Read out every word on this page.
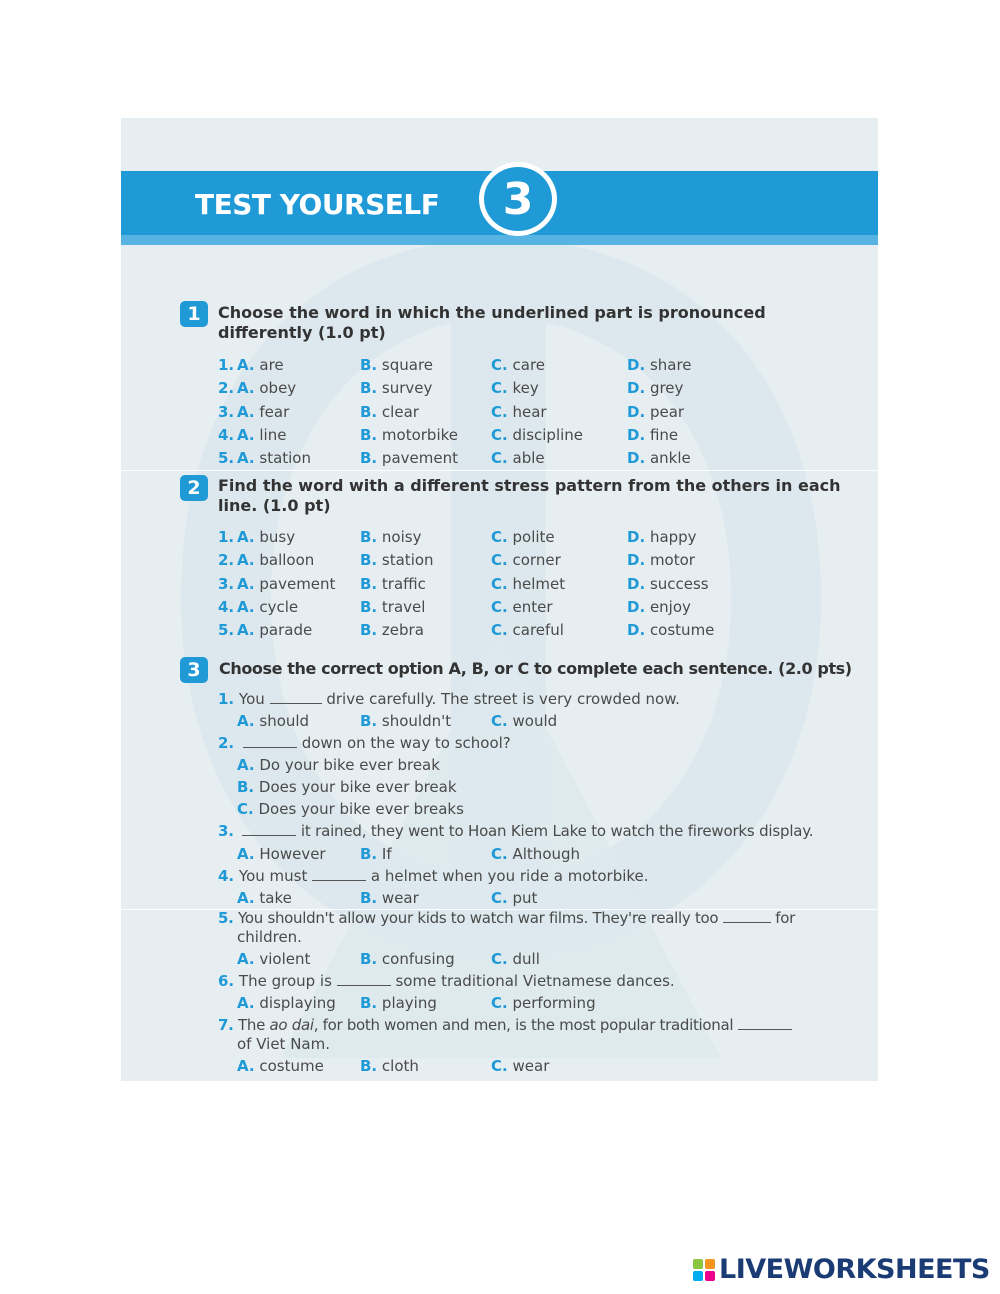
TEST YOURSELF	3
1	Choose the word in which the underlined part is pronounced
differently (1.0 pt)
1. A. are	B. square	C. care	D. share
2. A. obey	B. survey	C. key	D. grey
3. A. fear	B. clear	C. hear	D. pear
4. A. line	B. motorbike C. discipline	D. fine
5. A. station	B. pavement C. able	D. ankle
2	Find the word with a different stress pattern from the others in each
line. (1.0 pt)
1. A. busy	B. noisy	C. polite	D. happy
2. A. balloon	B. station	C. corner	D. motor
3. A. pavement B. traffic	C. helmet	D. success
4. A. cycle	B. travel	C. enter	D. enjoy
5. A. parade	B. zebra	C. careful	D. costume
3	Choose the correct option A, B, or C to complete each sentence. (2.0 pts)
1. You	drive carefully. The street is very crowded now.
A. should	B. shouldn't	C. would
2.	down on the way to school?
A. Do your bike ever break
B. Does your bike ever break
C. Does your bike ever breaks
3.	it rained, they went to Hoan Kiem Lake to watch the fireworks display.
A. However B. If	C. Although
4. You must	a helmet when you ride a motorbike.
A. take	B. wear	C. put
5. You shouldn't allow your kids to watch war films. They're really too	for
children.
A. violent	B. confusing C. dull
6. The group is	some traditional Vietnamese dances.
A. displaying B. playing	C. performing
7. The ao dai, for both women and men, is the most popular traditional
of Viet Nam.
A. costume B. cloth	C. wear
LIVEWORKSHEETS
